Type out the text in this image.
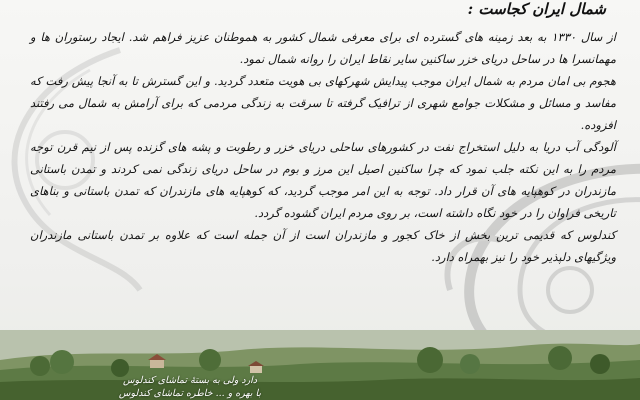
شمال ایران کجاست :

از سال ۱۳۳۰ به بعد زمینه های گسترده ای برای معرفی شمال کشور به هموطنان عزیز فراهم شد. ایجاد رستوران ها و مهمانسرا ها در ساحل دریای خزر ساکنین سایر نقاط ایران را روانه شمال نمود.

هجوم بی امان مردم به شمال ایران موجب پیدایش شهرکهای بی هویت متعدد گردید. و این گسترش تا به آنجا پیش رفت که مفاسد و مسائل و مشکلات جوامع شهری از ترافیک گرفته تا سرقت به زندگی مردمی که برای آرامش به شمال می رفتند افزوده.

آلودگی آب دریا به دلیل استخراج نفت در کشورهای ساحلی دریای خزر و رطوبت و پشه های گزنده پس از نیم قرن توجه مردم را به این نکته جلب نمود که چرا ساکنین اصیل این مرز و بوم در ساحل دریای زندگی نمی کردند و تمدن باستانی مازندران در کوهپایه های آن قرار داد. توجه به این امر موجب گردید، که کوهپایه های مازندران که تمدن باستانی و بناهای تاریخی فراوان را در خود نگاه داشته است، بر روی مردم ایران گشوده گردد.

کندلوس که قدیمی ترین بخش از خاک کجور و مازندران است از آن جمله است که علاوه بر تمدن باستانی مازندران ویژگیهای دلپذیر خود را نیز بهمراه دارد.

دارد ولی به بستهٔ تماشای کندلوس
با بهره و ... خاطره تماشای کندلوس
